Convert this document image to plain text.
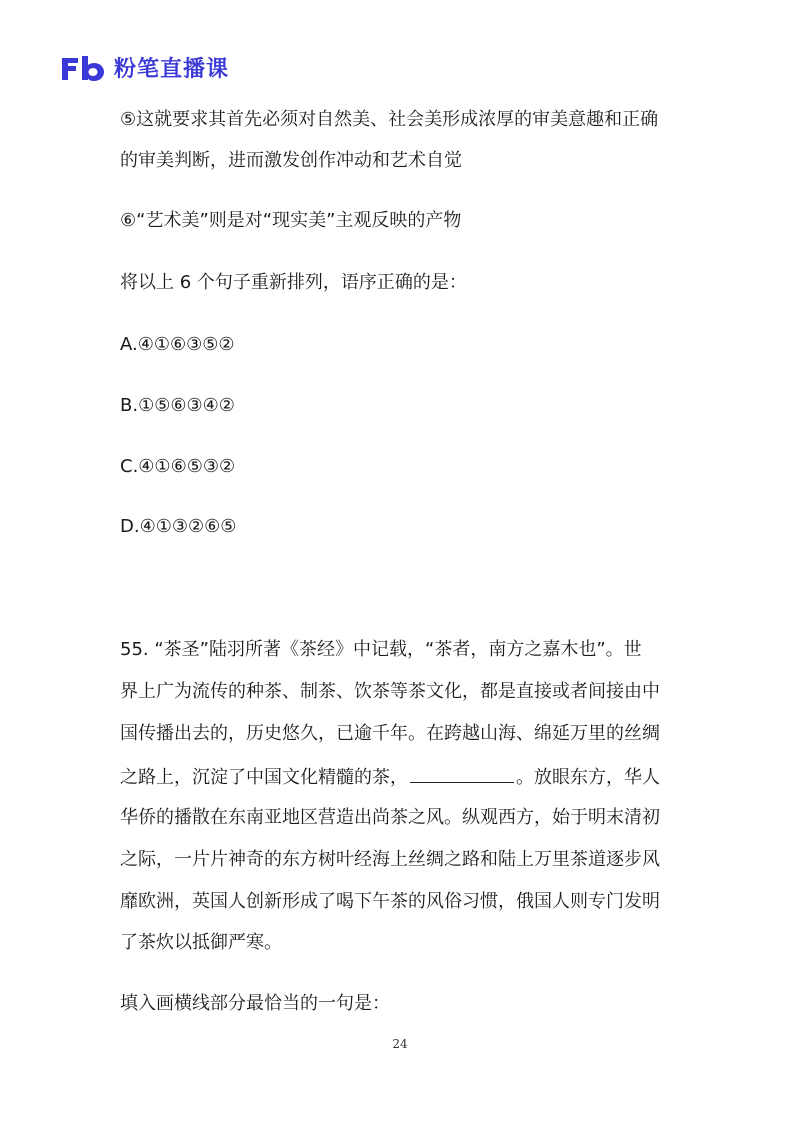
粉笔直播课
⑤这就要求其首先必须对自然美、社会美形成浓厚的审美意趣和正确
的审美判断，进而激发创作冲动和艺术自觉
⑥“艺术美”则是对“现实美”主观反映的产物
将以上 6 个句子重新排列，语序正确的是：
A.④①⑥③⑤②
B.①⑤⑥③④②
C.④①⑥⑤③②
D.④①③②⑥⑤
55. “茶圣”陆羽所著《茶经》中记载，“茶者，南方之嘉木也”。世
界上广为流传的种茶、制茶、饮茶等茶文化，都是直接或者间接由中
国传播出去的，历史悠久，已逾千年。在跨越山海、绵延万里的丝绸
之路上，沉淀了中国文化精髓的茶，	。放眼东方，华人
华侨的播散在东南亚地区营造出尚茶之风。纵观西方，始于明末清初
之际，一片片神奇的东方树叶经海上丝绸之路和陆上万里茶道逐步风
靡欧洲，英国人创新形成了喝下午茶的风俗习惯，俄国人则专门发明
了茶炊以抵御严寒。
填入画横线部分最恰当的一句是：
24
